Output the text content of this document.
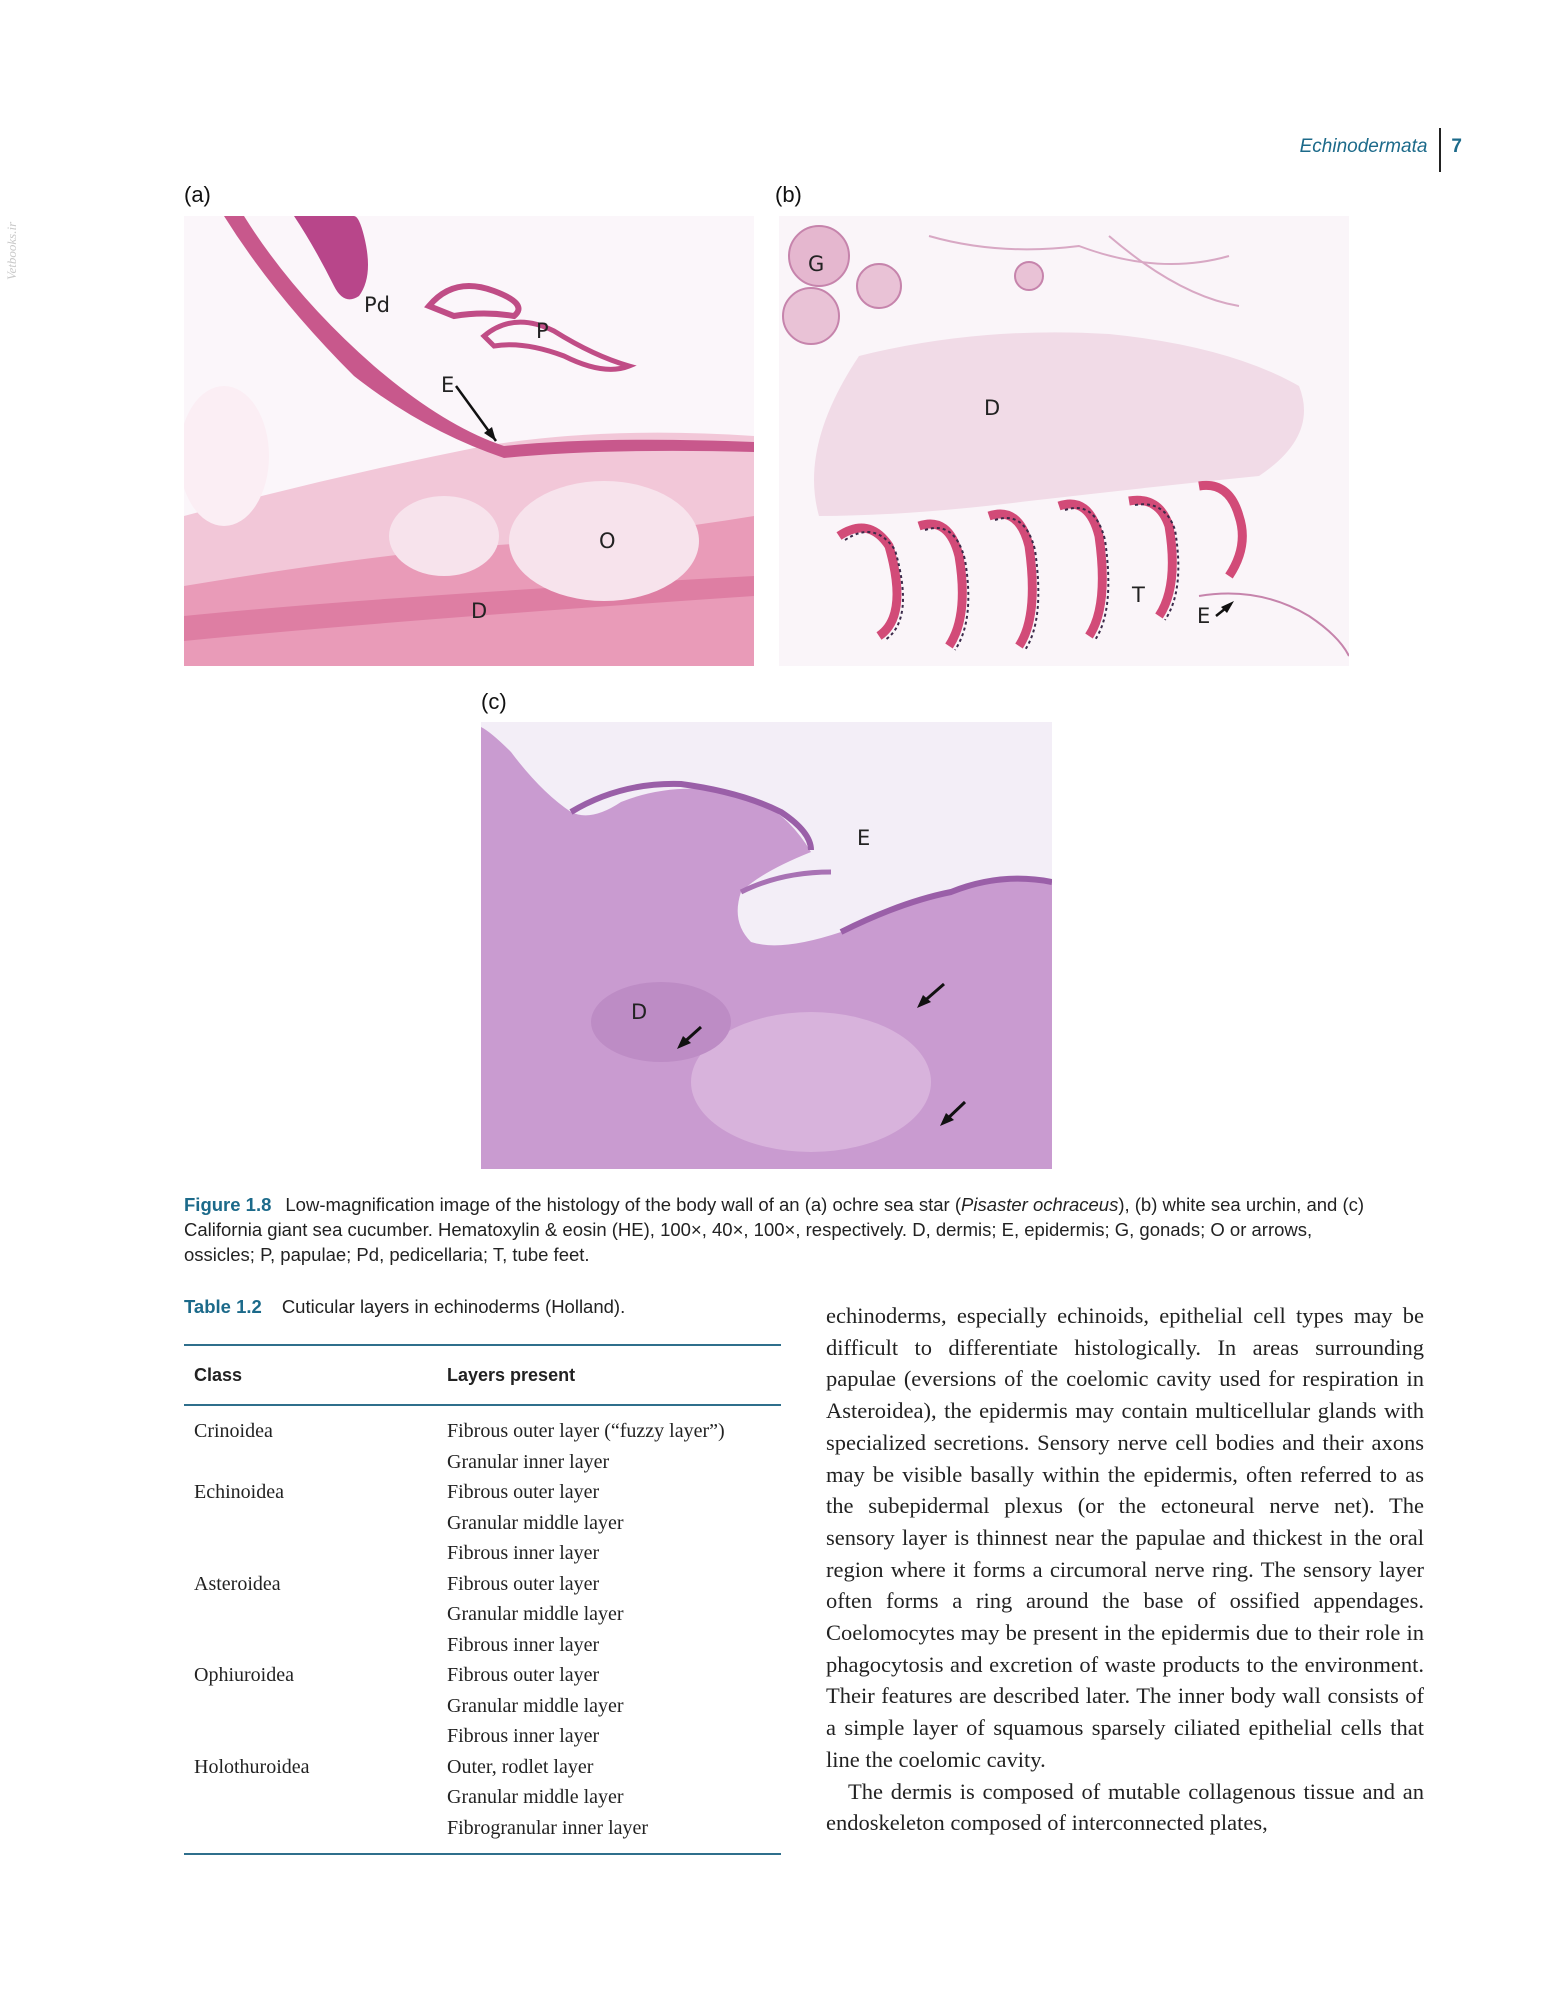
Echinodermata	7
Vetbooks.ir
(a)
Pd
P
E
O
D
(b)
G
D
T
E
(c)
E
D
Figure 1.8 Low-magnification image of the histology of the body wall of an (a) ochre sea star (Pisaster ochraceus), (b) white sea urchin, and (c) California giant sea cucumber. Hematoxylin & eosin (HE), 100×, 40×, 100×, respectively. D, dermis; E, epidermis; G, gonads; O or arrows, ossicles; P, papulae; Pd, pedicellaria; T, tube feet.
Table 1.2 Cuticular layers in echinoderms (Holland).
Class	Layers present
Crinoidea	Fibrous outer layer (“fuzzy layer”)
Granular inner layer
Echinoidea	Fibrous outer layer
Granular middle layer
Fibrous inner layer
Asteroidea	Fibrous outer layer
Granular middle layer
Fibrous inner layer
Ophiuroidea	Fibrous outer layer
Granular middle layer
Fibrous inner layer
Holothuroidea	Outer, rodlet layer
Granular middle layer
Fibrogranular inner layer

echinoderms, especially echinoids, epithelial cell types may be difficult to differentiate histologically. In areas surrounding papulae (eversions of the coelomic cavity used for respiration in Asteroidea), the epidermis may contain multicellular glands with specialized secretions. Sensory nerve cell bodies and their axons may be visible basally within the epidermis, often referred to as the subepidermal plexus (or the ectoneural nerve net). The sensory layer is thinnest near the papulae and thickest in the oral region where it forms a circumoral nerve ring. The sensory layer often forms a ring around the base of ossified appendages. Coelomocytes may be present in the epidermis due to their role in phagocytosis and excretion of waste products to the environment. Their features are described later. The inner body wall consists of a simple layer of squamous sparsely ciliated epithelial cells that line the coelomic cavity.

The dermis is composed of mutable collagenous tissue and an endoskeleton composed of interconnected plates,
